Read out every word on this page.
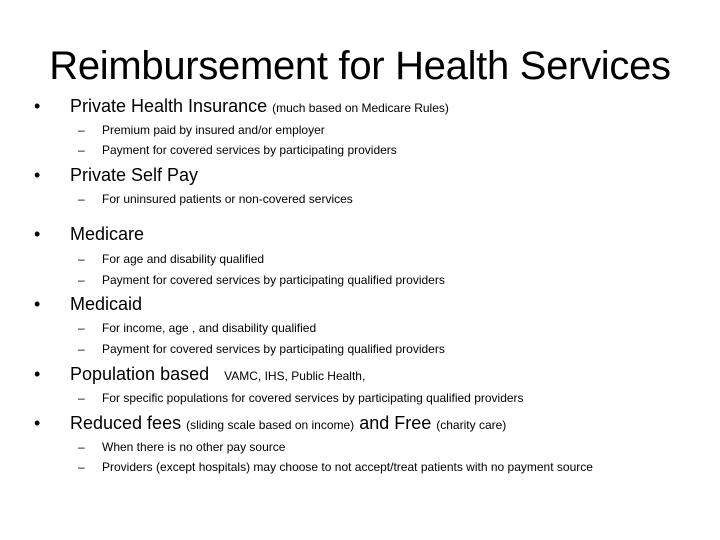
Reimbursement for Health Services
• Private Health Insurance (much based on Medicare Rules)
– Premium paid by insured and/or employer
– Payment for covered services by participating providers
• Private Self Pay
– For uninsured patients or non-covered services
• Medicare
– For age and disability qualified
– Payment for covered services by participating qualified providers
• Medicaid
– For income, age , and disability qualified
– Payment for covered services by participating qualified providers
• Population based VAMC, IHS, Public Health,
– For specific populations for covered services by participating qualified providers
• Reduced fees (sliding scale based on income) and Free (charity care)
– When there is no other pay source
– Providers (except hospitals) may choose to not accept/treat patients with no payment source
